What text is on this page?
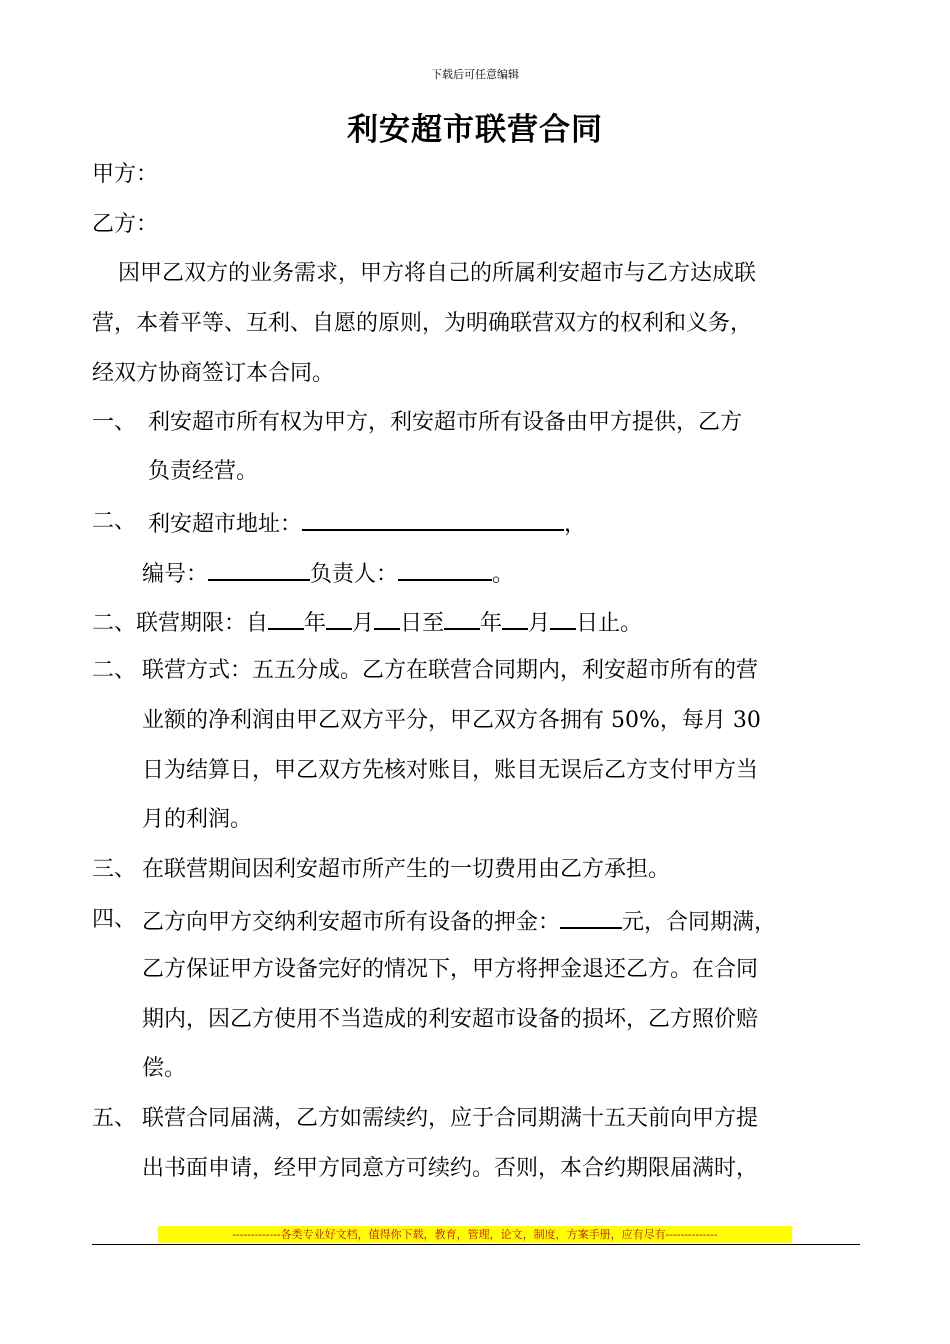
下载后可任意编辑
利安超市联营合同
甲方：
乙方：
因甲乙双方的业务需求，甲方将自己的所属利安超市与乙方达成联
营，本着平等、互利、自愿的原则，为明确联营双方的权利和义务，
经双方协商签订本合同。
一、 利安超市所有权为甲方，利安超市所有设备由甲方提供，乙方
负责经营。
二、 利安超市地址：	，
编号：	负责人：	。
二、联营期限：自 年 月 日至 年 月 日止。
二、 联营方式：五五分成。乙方在联营合同期内，利安超市所有的营
业额的净利润由甲乙双方平分，甲乙双方各拥有 50%，每月 30
日为结算日，甲乙双方先核对账目，账目无误后乙方支付甲方当
月的利润。
三、 在联营期间因利安超市所产生的一切费用由乙方承担。
四、 乙方向甲方交纳利安超市所有设备的押金：	元，合同期满，
乙方保证甲方设备完好的情况下，甲方将押金退还乙方。在合同
期内，因乙方使用不当造成的利安超市设备的损坏，乙方照价赔
偿。
五、 联营合同届满，乙方如需续约，应于合同期满十五天前向甲方提
出书面申请，经甲方同意方可续约。否则，本合约期限届满时，
-------------各类专业好文档，值得你下载，教育，管理，论文，制度，方案手册，应有尽有--------------
